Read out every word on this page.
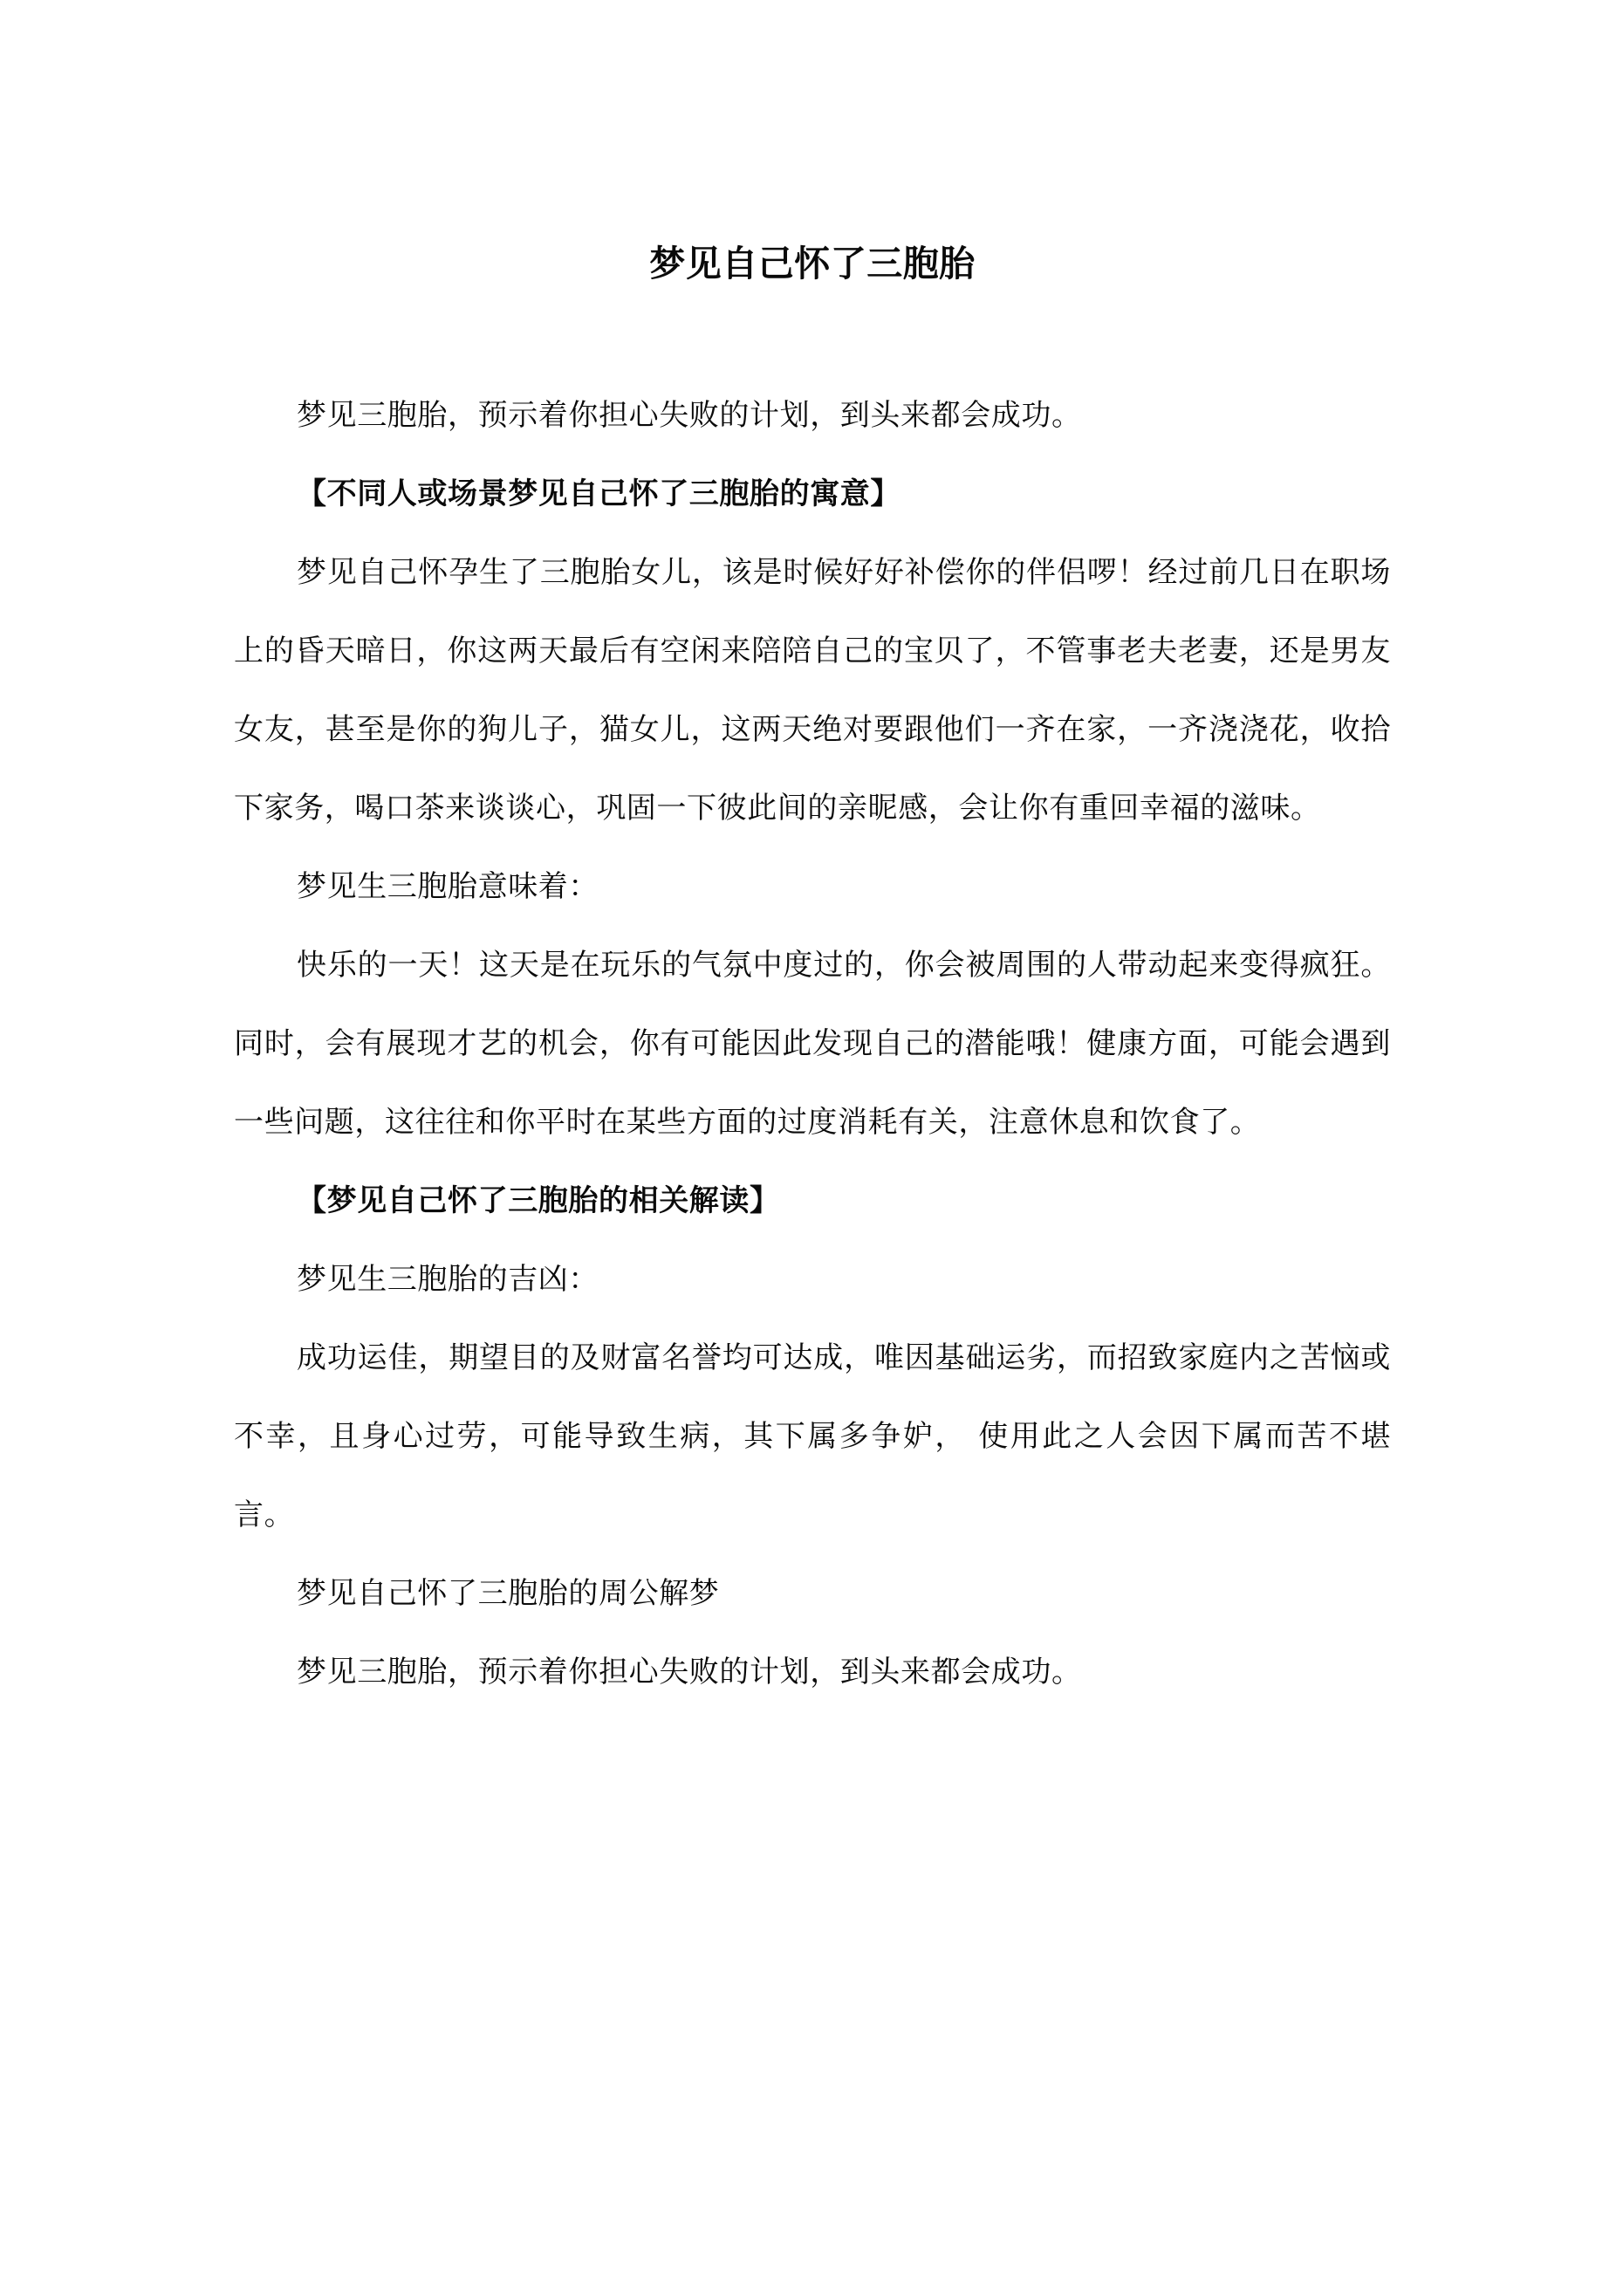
梦见自己怀了三胞胎

梦见三胞胎，预示着你担心失败的计划，到头来都会成功。

【不同人或场景梦见自己怀了三胞胎的寓意】

梦见自己怀孕生了三胞胎女儿，该是时候好好补偿你的伴侣啰！经过前几日在职场上的昏天暗日，你这两天最后有空闲来陪陪自己的宝贝了，不管事老夫老妻，还是男友女友，甚至是你的狗儿子，猫女儿，这两天绝对要跟他们一齐在家，一齐浇浇花，收拾下家务，喝口茶来谈谈心，巩固一下彼此间的亲昵感，会让你有重回幸福的滋味。

梦见生三胞胎意味着：

快乐的一天！这天是在玩乐的气氛中度过的，你会被周围的人带动起来变得疯狂。同时，会有展现才艺的机会，你有可能因此发现自己的潜能哦！健康方面，可能会遇到一些问题，这往往和你平时在某些方面的过度消耗有关，注意休息和饮食了。

【梦见自己怀了三胞胎的相关解读】

梦见生三胞胎的吉凶：

成功运佳，期望目的及财富名誉均可达成，唯因基础运劣，而招致家庭内之苦恼或不幸，且身心过劳，可能导致生病，其下属多争妒， 使用此之人会因下属而苦不堪言。

梦见自己怀了三胞胎的周公解梦

梦见三胞胎，预示着你担心失败的计划，到头来都会成功。
